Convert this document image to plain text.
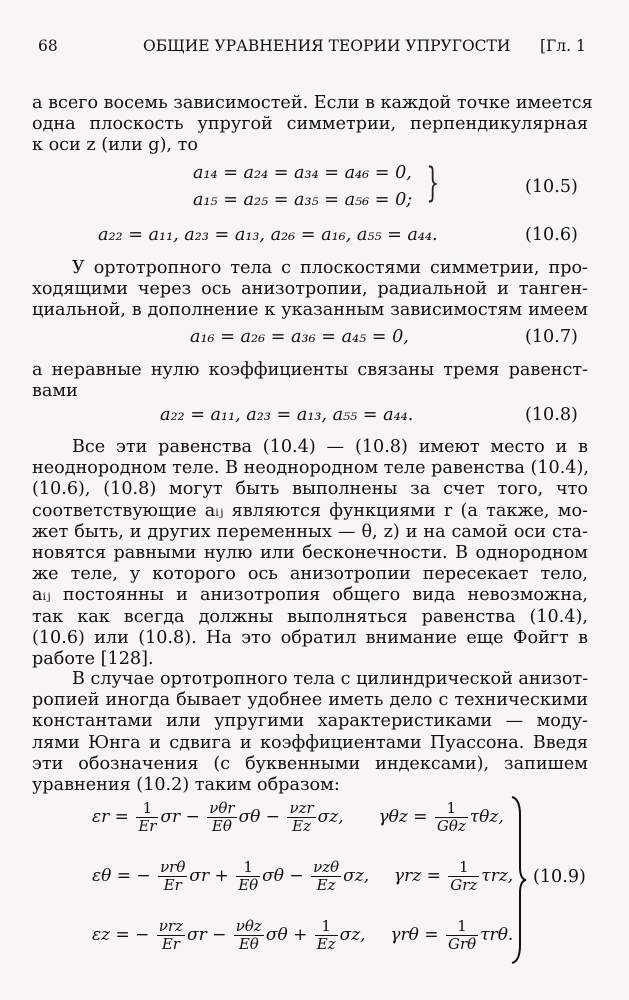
68	ОБЩИЕ УРАВНЕНИЯ ТЕОРИИ УПРУГОСТИ [Гл. 1
а всего восемь зависимостей. Если в каждой точке имеется
одна плоскость упругой симметрии, перпендикулярная
к оси z (или g), то
a₁₄ = a₂₄ = a₃₄ = a₄₆ = 0,
a₁₅ = a₂₅ = a₃₅ = a₅₆ = 0; }	(10.5)
a₂₂ = a₁₁, a₂₃ = a₁₃, a₂₆ = a₁₆, a₅₅ = a₄₄.	(10.6)
У ортотропного тела с плоскостями симметрии, про-
ходящими через ось анизотропии, радиальной и танген-
циальной, в дополнение к указанным зависимостям имеем
a₁₆ = a₂₆ = a₃₆ = a₄₅ = 0,	(10.7)
а неравные нулю коэффициенты связаны тремя равенст-
вами
a₂₂ = a₁₁, a₂₃ = a₁₃, a₅₅ = a₄₄.	(10.8)
Все эти равенства (10.4) — (10.8) имеют место и в
неоднородном теле. В неоднородном теле равенства (10.4),
(10.6), (10.8) могут быть выполнены за счет того, что
соответствующие aᵢⱼ являются функциями r (а также, мо-
жет быть, и других переменных — θ, z) и на самой оси ста-
новятся равными нулю или бесконечности. В однородном
же теле, у которого ось анизотропии пересекает тело,
aᵢⱼ постоянны и анизотропия общего вида невозможна,
так как всегда должны выполняться равенства (10.4),
(10.6) или (10.8). На это обратил внимание еще Фойгт в
работе [128].
В случае ортотропного тела с цилиндрической анизот-
ропией иногда бывает удобнее иметь дело с техническими
константами или упругими характеристиками — моду-
лями Юнга и сдвига и коэффициентами Пуассона. Введя
эти обозначения (с буквенными индексами), запишем
уравнения (10.2) таким образом:
$\varepsilon r = \frac{1}{Er}$ $\sigma r - \frac{\text{νθr}}{E\theta}$ $\sigma\theta - \frac{\text{νzr}}{Ez} \sigma z$, $\gamma\theta z = \frac{1}{\text{Gθz}} \tau\theta z$,
εθ = − $\frac{\text{νrθ}}{Er}$ $\sigma r + \frac{1}{E\theta}$ $\sigma\theta - \frac{\text{νzθ}}{Ez} \sigma z$, $\gamma rz = \frac{1}{\text{Grz}} \tau rz$,
εz = − $\frac{\text{νrz}}{Er}$ $\sigma r - \frac{\text{νθz}}{E\theta}$ $\sigma\theta + \frac{1}{Ez} \sigma z$, $\gamma r\theta = \frac{1}{\text{Grθ}} \tau r\theta$.
(10.9)
